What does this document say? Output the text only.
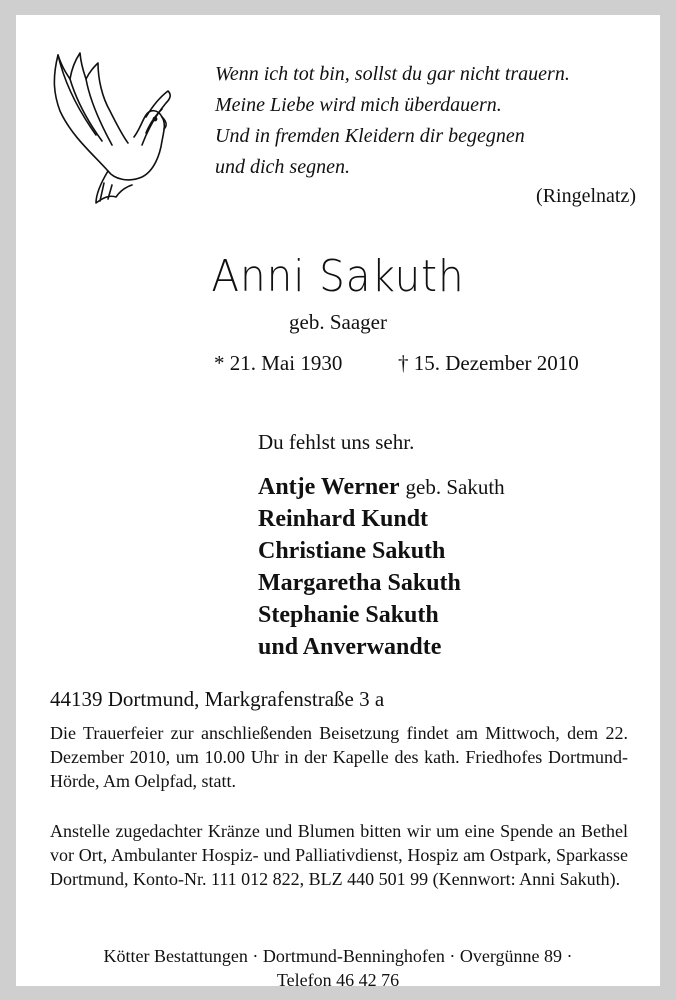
Wenn ich tot bin, sollst du gar nicht trauern.
Meine Liebe wird mich überdauern.
Und in fremden Kleidern dir begegnen
und dich segnen.
(Ringelnatz)
Anni Sakuth
geb. Saager
* 21. Mai 1930	† 15. Dezember 2010
Du fehlst uns sehr.
Antje Werner geb. Sakuth
Reinhard Kundt
Christiane Sakuth
Margaretha Sakuth
Stephanie Sakuth
und Anverwandte
44139 Dortmund, Markgrafenstraße 3 a
Die Trauerfeier zur anschließenden Beisetzung findet am Mittwoch, dem 22. Dezember 2010, um 10.00 Uhr in der Kapelle des kath. Friedhofes Dortmund-Hörde, Am Oelpfad, statt.
Anstelle zugedachter Kränze und Blumen bitten wir um eine Spende an Bethel vor Ort, Ambulanter Hospiz- und Palliativdienst, Hospiz am Ostpark, Sparkasse Dortmund, Konto-Nr. 111 012 822, BLZ 440 501 99 (Kennwort: Anni Sakuth).
Kötter Bestattungen · Dortmund-Benninghofen · Overgünne 89 ·
Telefon 46 42 76
